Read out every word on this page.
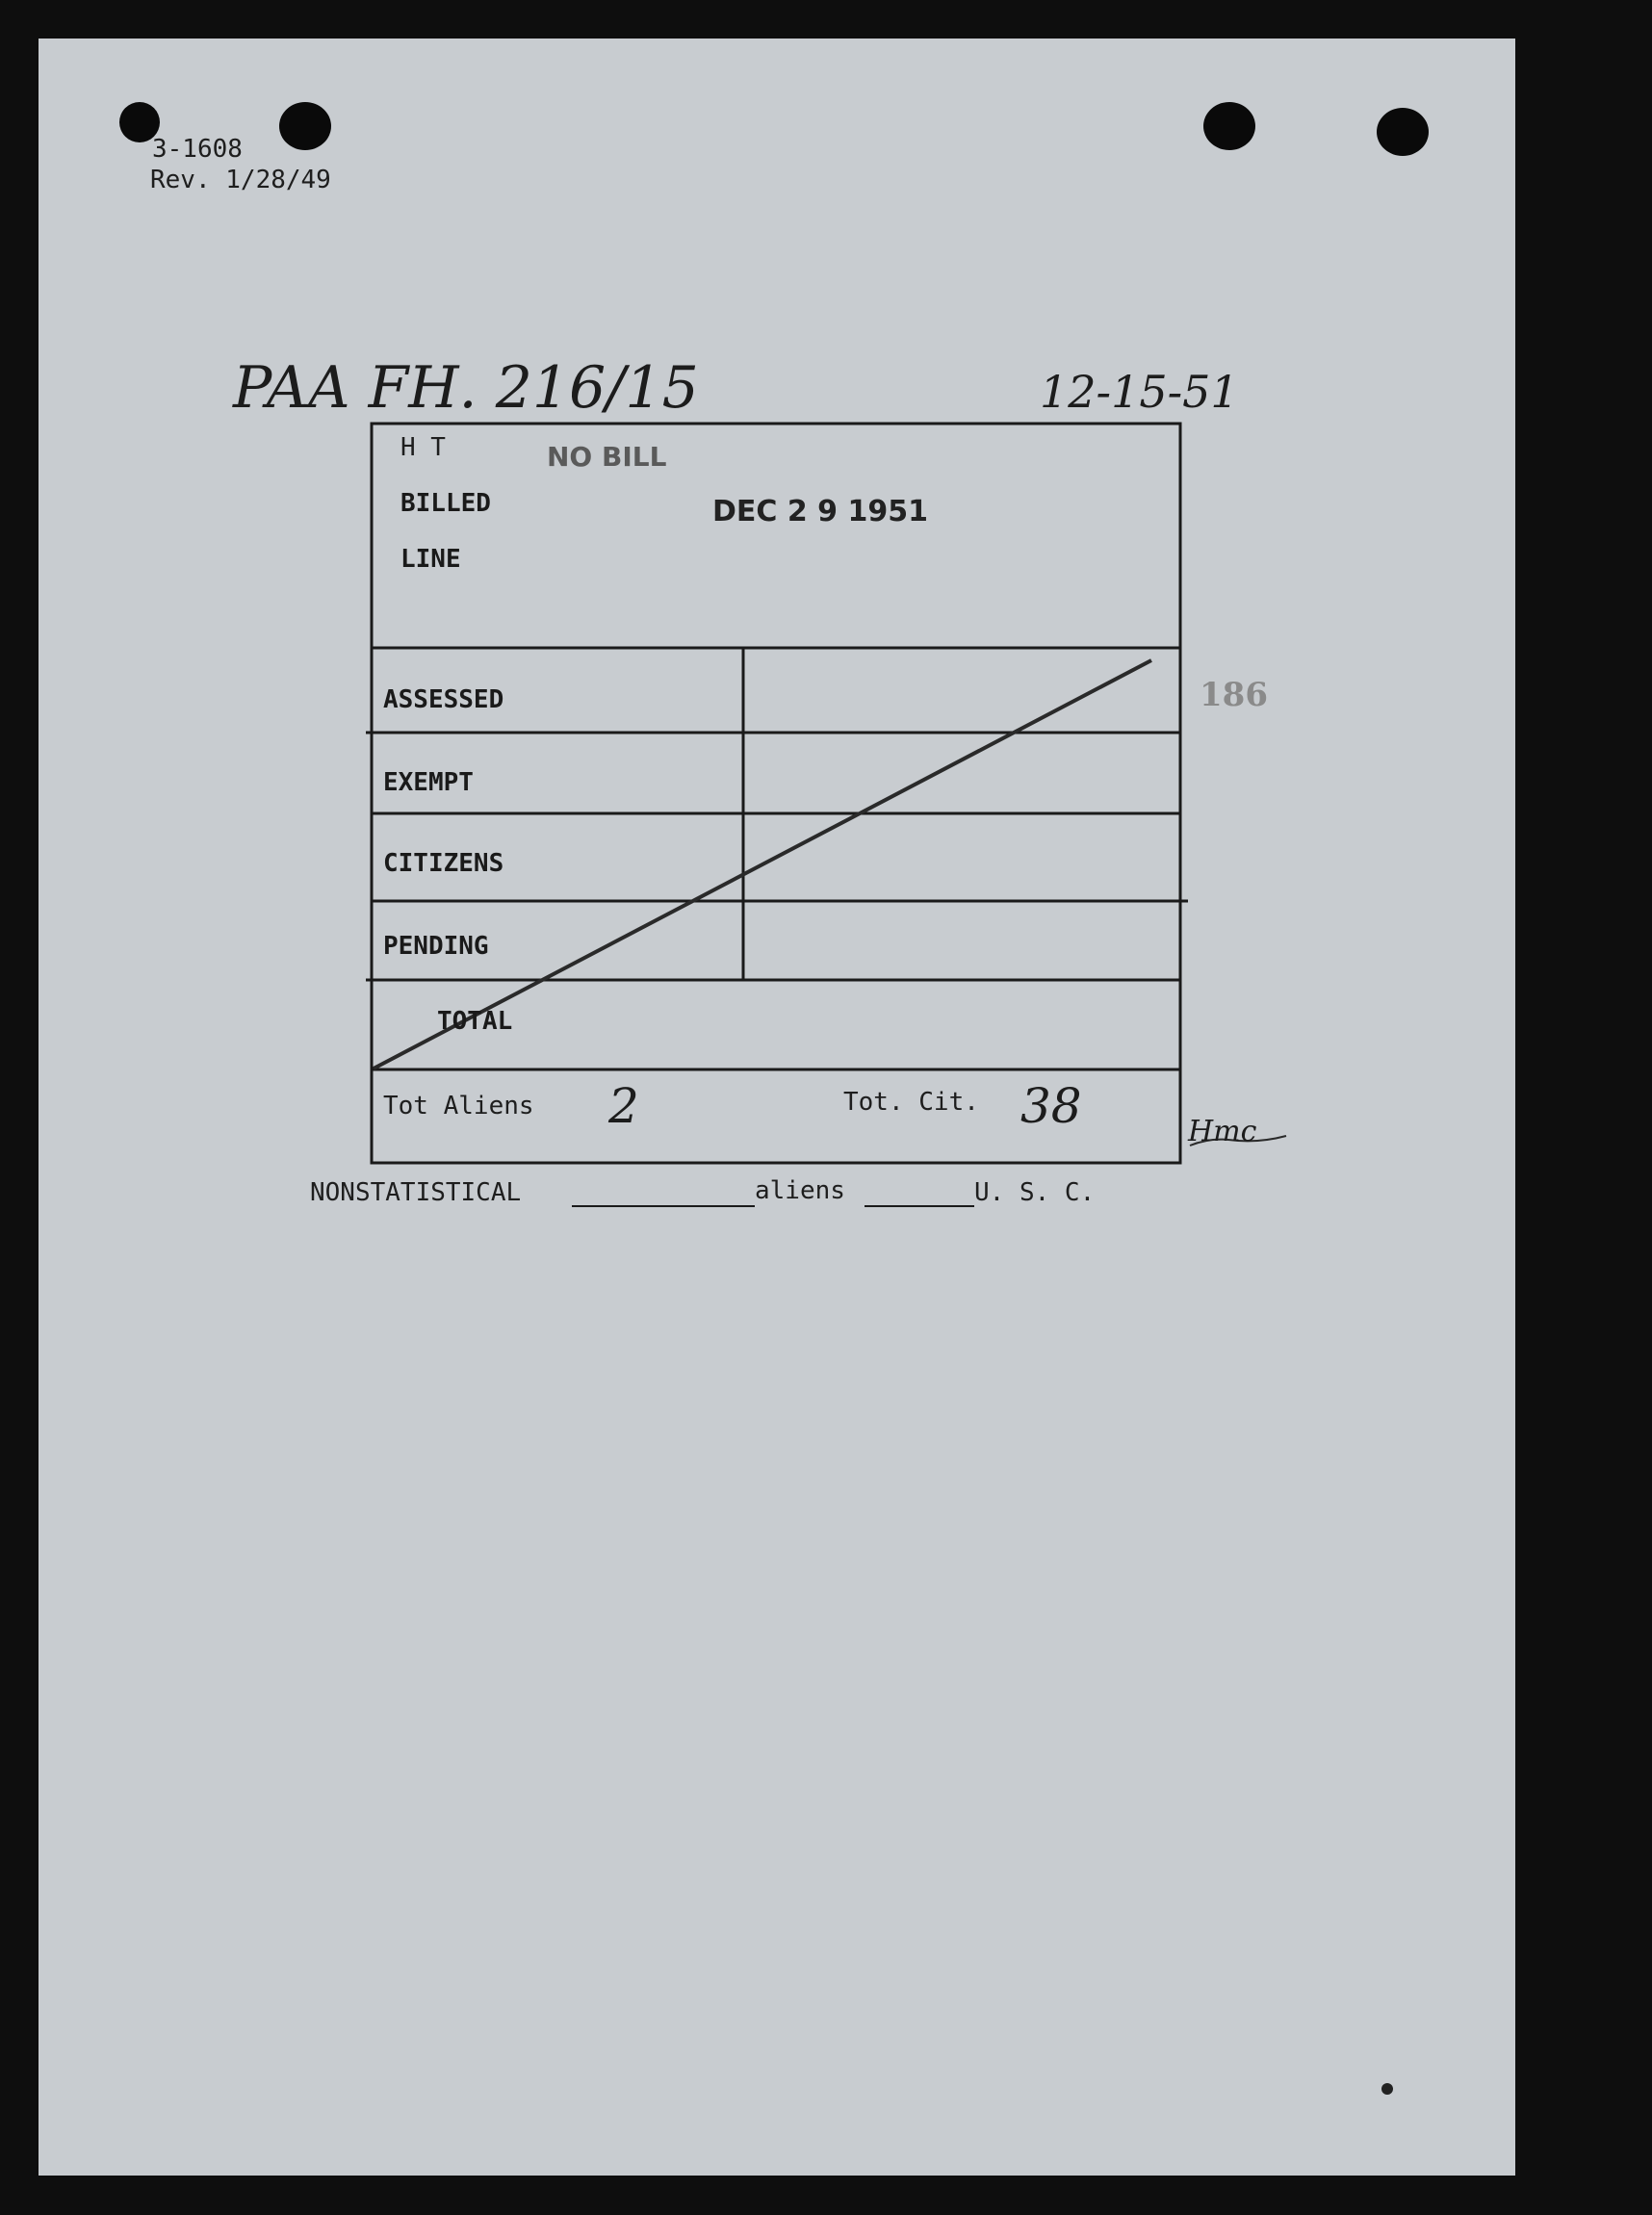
3-1608
Rev. 1/28/49
PAA FH. 216/15	12-15-51
H T
BILLED
LINE
NO BILL
DEC 2 9 1951
186
ASSESSED
EXEMPT
CITIZENS
PENDING
TOTAL
Tot Aliens 2	Tot. Cit. 38	Hmc
NONSTATISTICAL	aliens	U. S. C.
